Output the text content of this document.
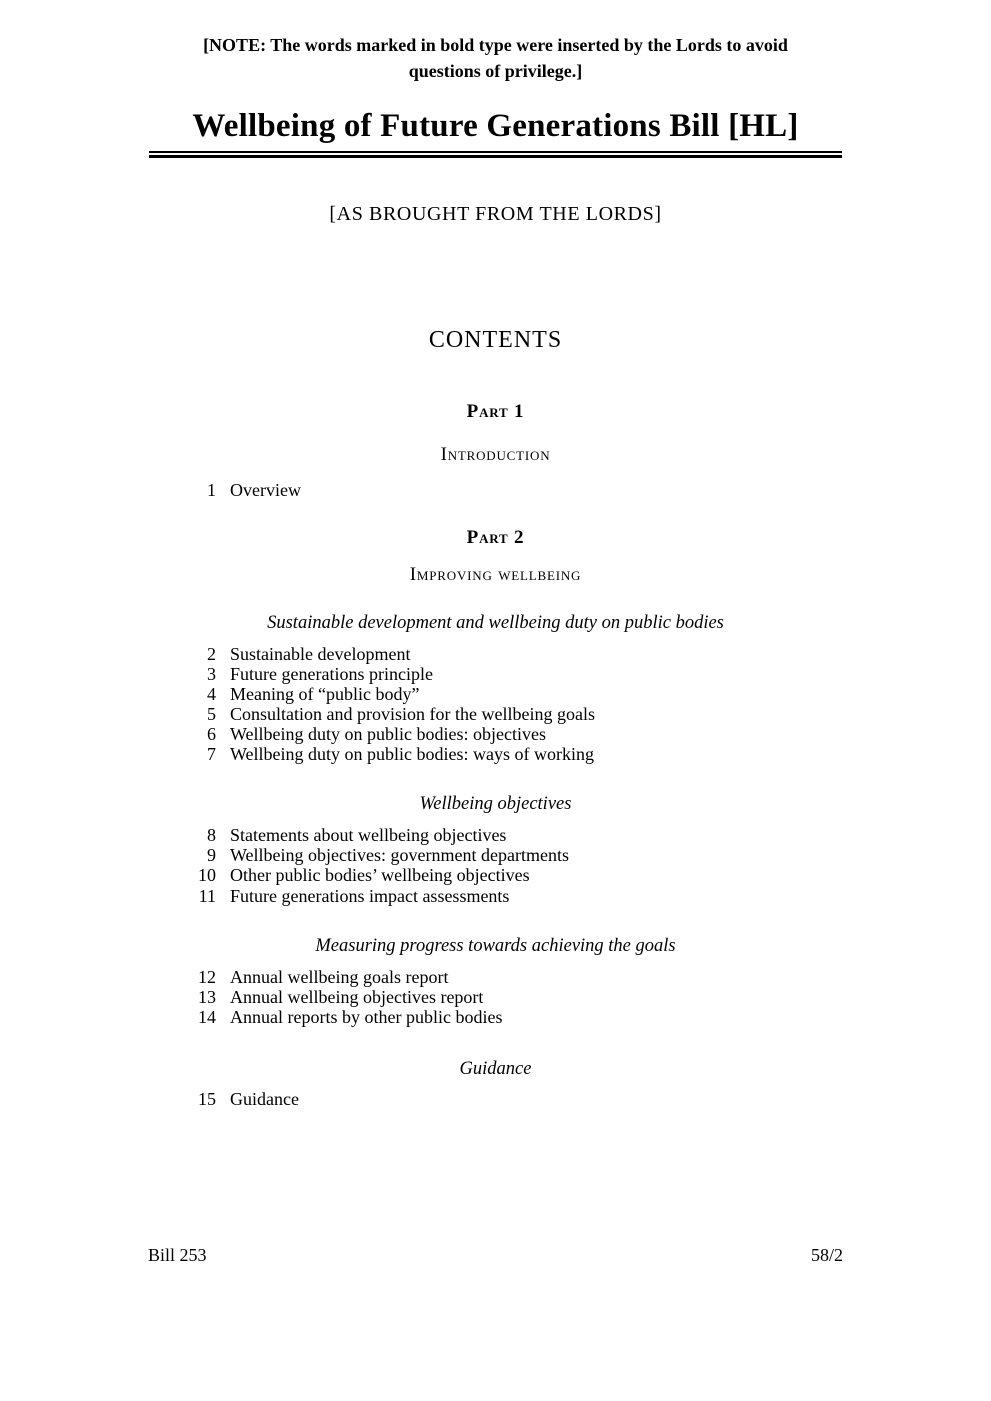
[NOTE: The words marked in bold type were inserted by the Lords to avoid questions of privilege.]
Wellbeing of Future Generations Bill [HL]
[AS BROUGHT FROM THE LORDS]
CONTENTS
Part 1
Introduction
1 Overview
Part 2
Improving wellbeing
Sustainable development and wellbeing duty on public bodies
2 Sustainable development
3 Future generations principle
4 Meaning of “public body”
5 Consultation and provision for the wellbeing goals
6 Wellbeing duty on public bodies: objectives
7 Wellbeing duty on public bodies: ways of working
Wellbeing objectives
8 Statements about wellbeing objectives
9 Wellbeing objectives: government departments
10 Other public bodies’ wellbeing objectives
11 Future generations impact assessments
Measuring progress towards achieving the goals
12 Annual wellbeing goals report
13 Annual wellbeing objectives report
14 Annual reports by other public bodies
Guidance
15 Guidance
Bill 253	58/2
